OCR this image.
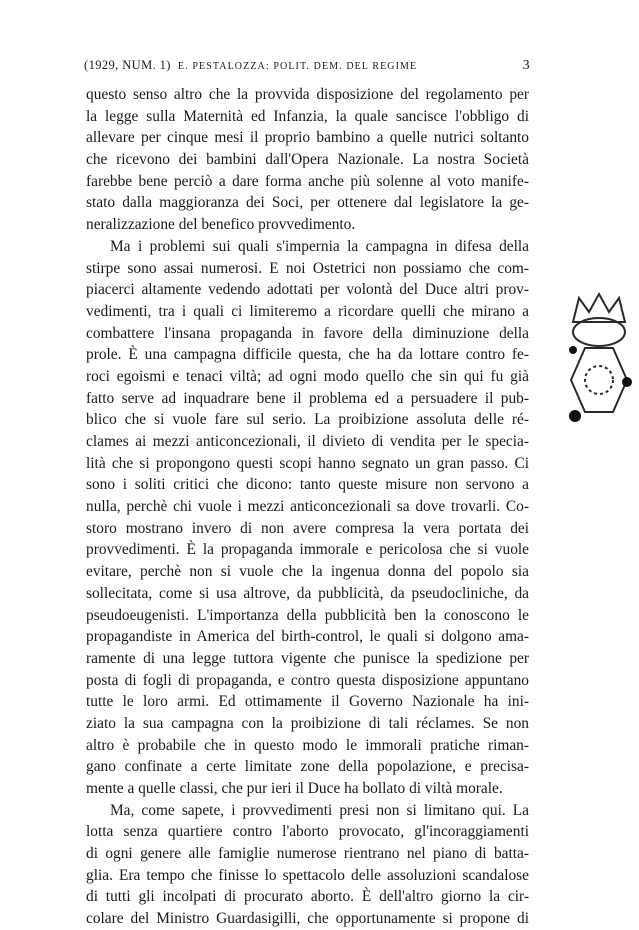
(1929, NUM. 1) E. PESTALOZZA: POLIT. DEM. DEL REGIME	3
questo senso altro che la provvida disposizione del regolamento per
la legge sulla Maternità ed Infanzia, la quale sancisce l'obbligo di
allevare per cinque mesi il proprio bambino a quelle nutrici soltanto
che ricevono dei bambini dall'Opera Nazionale. La nostra Società
farebbe bene perciò a dare forma anche più solenne al voto manife-
stato dalla maggioranza dei Soci, per ottenere dal legislatore la ge-
neralizzazione del benefico provvedimento.
Ma i problemi sui quali s'impernia la campagna in difesa della
stirpe sono assai numerosi. E noi Ostetrici non possiamo che com-
piacerci altamente vedendo adottati per volontà del Duce altri prov-
vedimenti, tra i quali ci limiteremo a ricordare quelli che mirano a
combattere l'insana propaganda in favore della diminuzione della
prole. È una campagna difficile questa, che ha da lottare contro fe-
roci egoismi e tenaci viltà; ad ogni modo quello che sin qui fu già
fatto serve ad inquadrare bene il problema ed a persuadere il pub-
blico che si vuole fare sul serio. La proibizione assoluta delle ré-
clames ai mezzi anticoncezionali, il divieto di vendita per le specia-
lità che si propongono questi scopi hanno segnato un gran passo. Ci
sono i soliti critici che dicono: tanto queste misure non servono a
nulla, perchè chi vuole i mezzi anticoncezionali sa dove trovarli. Co-
storo mostrano invero di non avere compresa la vera portata dei
provvedimenti. È la propaganda immorale e pericolosa che si vuole
evitare, perchè non si vuole che la ingenua donna del popolo sia
sollecitata, come si usa altrove, da pubblicità, da pseudocliniche, da
pseudoeugenisti. L'importanza della pubblicità ben la conoscono le
propagandiste in America del birth-control, le quali si dolgono ama-
ramente di una legge tuttora vigente che punisce la spedizione per
posta di fogli di propaganda, e contro questa disposizione appuntano
tutte le loro armi. Ed ottimamente il Governo Nazionale ha ini-
ziato la sua campagna con la proibizione di tali réclames. Se non
altro è probabile che in questo modo le immorali pratiche riman-
gano confinate a certe limitate zone della popolazione, e precisa-
mente a quelle classi, che pur ieri il Duce ha bollato di viltà morale.
Ma, come sapete, i provvedimenti presi non si limitano qui. La
lotta senza quartiere contro l'aborto provocato, gl'incoraggiamenti
di ogni genere alle famiglie numerose rientrano nel piano di batta-
glia. Era tempo che finisse lo spettacolo delle assoluzioni scandalose
di tutti gli incolpati di procurato aborto. È dell'altro giorno la cir-
colare del Ministro Guardasigilli, che opportunamente si propone di
